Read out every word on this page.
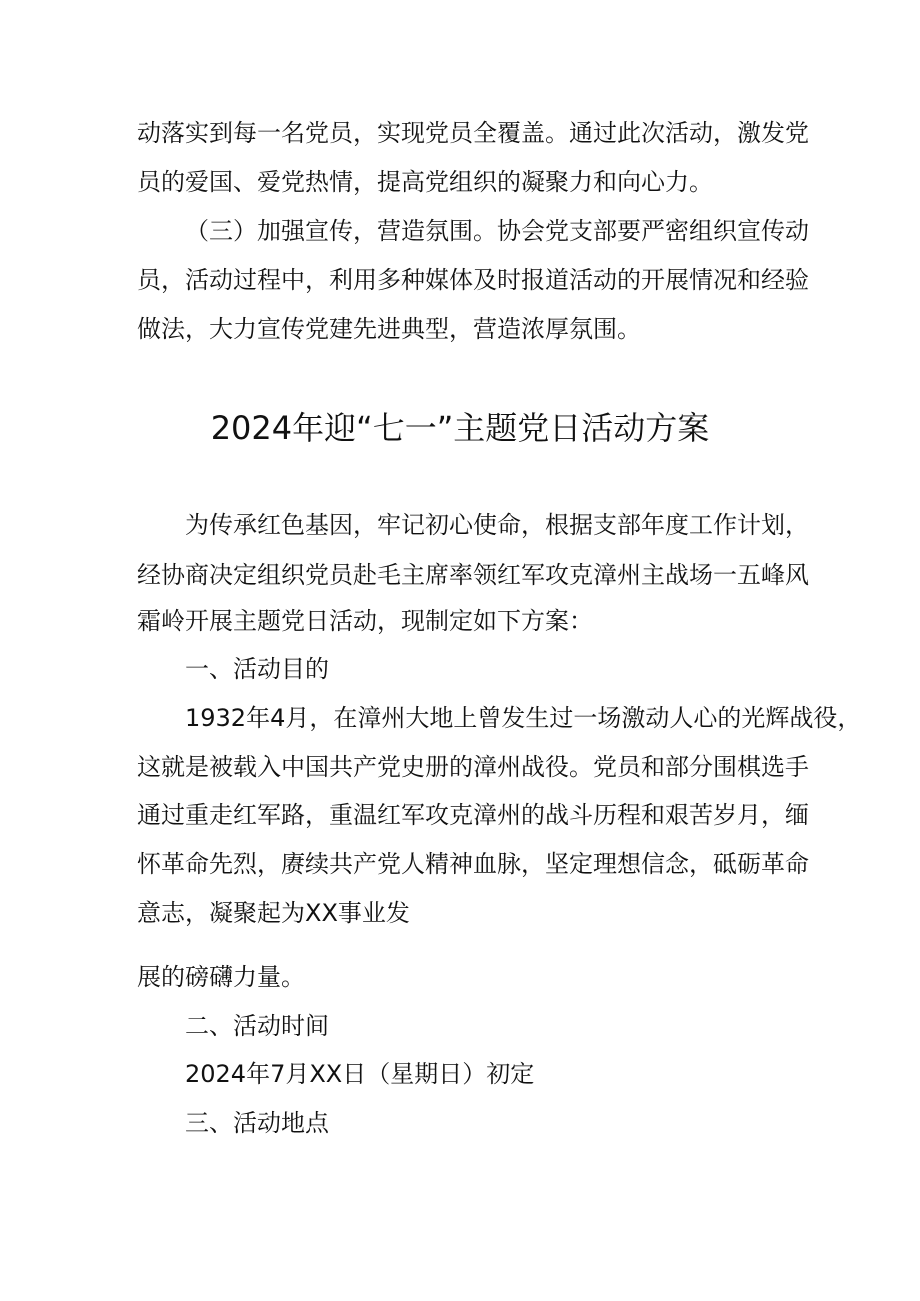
动落实到每一名党员，实现党员全覆盖。通过此次活动，激发党
员的爱国、爱党热情，提高党组织的凝聚力和向心力。
（三）加强宣传，营造氛围。协会党支部要严密组织宣传动
员，活动过程中，利用多种媒体及时报道活动的开展情况和经验
做法，大力宣传党建先进典型，营造浓厚氛围。
2024年迎“七一”主题党日活动方案
为传承红色基因，牢记初心使命，根据支部年度工作计划，
经协商决定组织党员赴毛主席率领红军攻克漳州主战场一五峰风
霜岭开展主题党日活动，现制定如下方案：
一、活动目的
1932年4月，在漳州大地上曾发生过一场激动人心的光辉战役，
这就是被载入中国共产党史册的漳州战役。党员和部分围棋选手
通过重走红军路，重温红军攻克漳州的战斗历程和艰苦岁月，缅
怀革命先烈，赓续共产党人精神血脉，坚定理想信念，砥砺革命
意志，凝聚起为XX事业发
展的磅礴力量。
二、活动时间
2024年7月XX日（星期日）初定
三、活动地点
